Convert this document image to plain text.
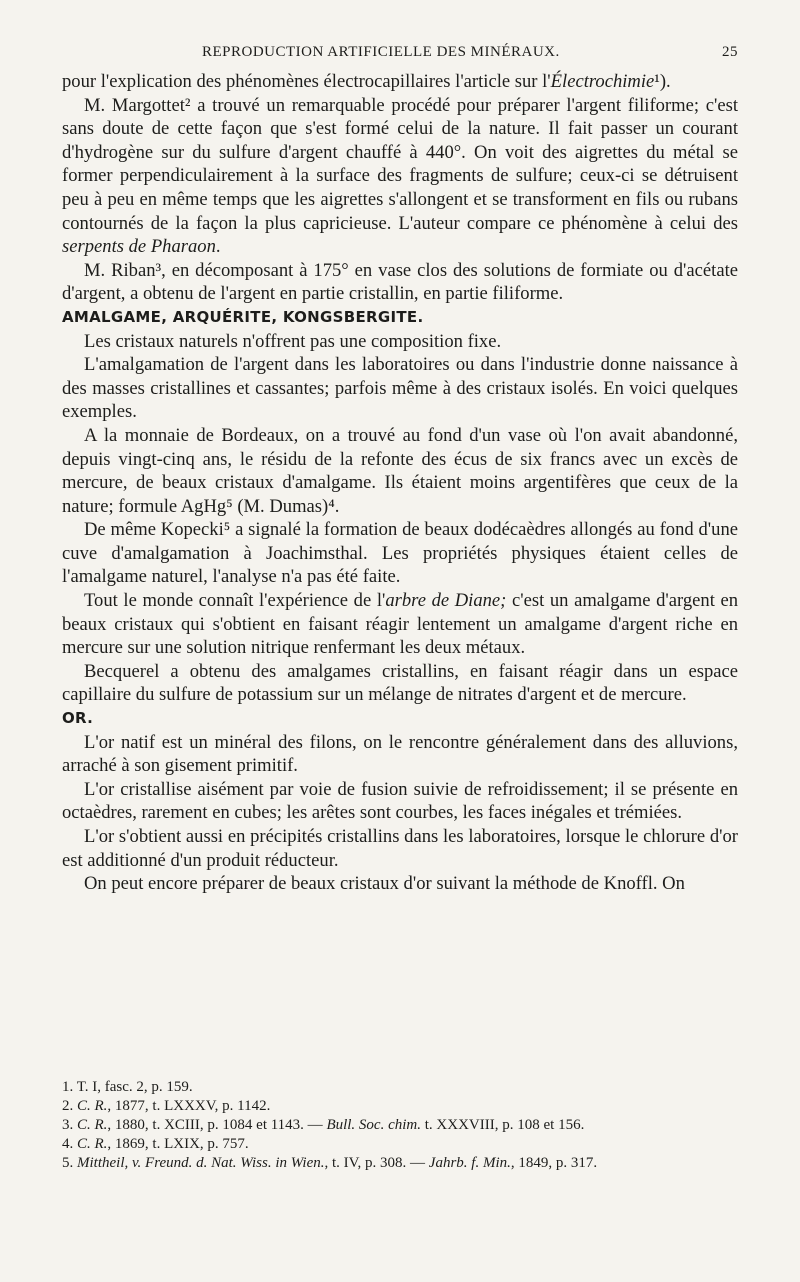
REPRODUCTION ARTIFICIELLE DES MINÉRAUX.	25

pour l'explication des phénomènes électrocapillaires l'article sur l'Électrochimie¹).

M. Margottet² a trouvé un remarquable procédé pour préparer l'argent filiforme; c'est sans doute de cette façon que s'est formé celui de la nature. Il fait passer un courant d'hydrogène sur du sulfure d'argent chauffé à 440°. On voit des aigrettes du métal se former perpendiculairement à la surface des fragments de sulfure; ceux-ci se détruisent peu à peu en même temps que les aigrettes s'allongent et se transforment en fils ou rubans contournés de la façon la plus capricieuse. L'auteur compare ce phénomène à celui des serpents de Pharaon.

M. Riban³, en décomposant à 175° en vase clos des solutions de formiate ou d'acétate d'argent, a obtenu de l'argent en partie cristallin, en partie filiforme.

AMALGAME, ARQUÉRITE, KONGSBERGITE.

Les cristaux naturels n'offrent pas une composition fixe.

L'amalgamation de l'argent dans les laboratoires ou dans l'industrie donne naissance à des masses cristallines et cassantes; parfois même à des cristaux isolés. En voici quelques exemples.

A la monnaie de Bordeaux, on a trouvé au fond d'un vase où l'on avait abandonné, depuis vingt-cinq ans, le résidu de la refonte des écus de six francs avec un excès de mercure, de beaux cristaux d'amalgame. Ils étaient moins argentifères que ceux de la nature; formule AgHg⁵ (M. Dumas)⁴.

De même Kopecki⁵ a signalé la formation de beaux dodécaèdres allongés au fond d'une cuve d'amalgamation à Joachimsthal. Les propriétés physiques étaient celles de l'amalgame naturel, l'analyse n'a pas été faite.

Tout le monde connaît l'expérience de l'arbre de Diane; c'est un amalgame d'argent en beaux cristaux qui s'obtient en faisant réagir lentement un amalgame d'argent riche en mercure sur une solution nitrique renfermant les deux métaux.

Becquerel a obtenu des amalgames cristallins, en faisant réagir dans un espace capillaire du sulfure de potassium sur un mélange de nitrates d'argent et de mercure.

OR.

L'or natif est un minéral des filons, on le rencontre généralement dans des alluvions, arraché à son gisement primitif.

L'or cristallise aisément par voie de fusion suivie de refroidissement; il se présente en octaèdres, rarement en cubes; les arêtes sont courbes, les faces inégales et trémiées.

L'or s'obtient aussi en précipités cristallins dans les laboratoires, lorsque le chlorure d'or est additionné d'un produit réducteur.

On peut encore préparer de beaux cristaux d'or suivant la méthode de Knoffl. On

1. T. I, fasc. 2, p. 159.

2. C. R., 1877, t. LXXXV, p. 1142.

3. C. R., 1880, t. XCIII, p. 1084 et 1143. — Bull. Soc. chim. t. XXXVIII, p. 108 et 156.

4. C. R., 1869, t. LXIX, p. 757.

5. Mittheil, v. Freund. d. Nat. Wiss. in Wien., t. IV, p. 308. — Jahrb. f. Min., 1849, p. 317.
